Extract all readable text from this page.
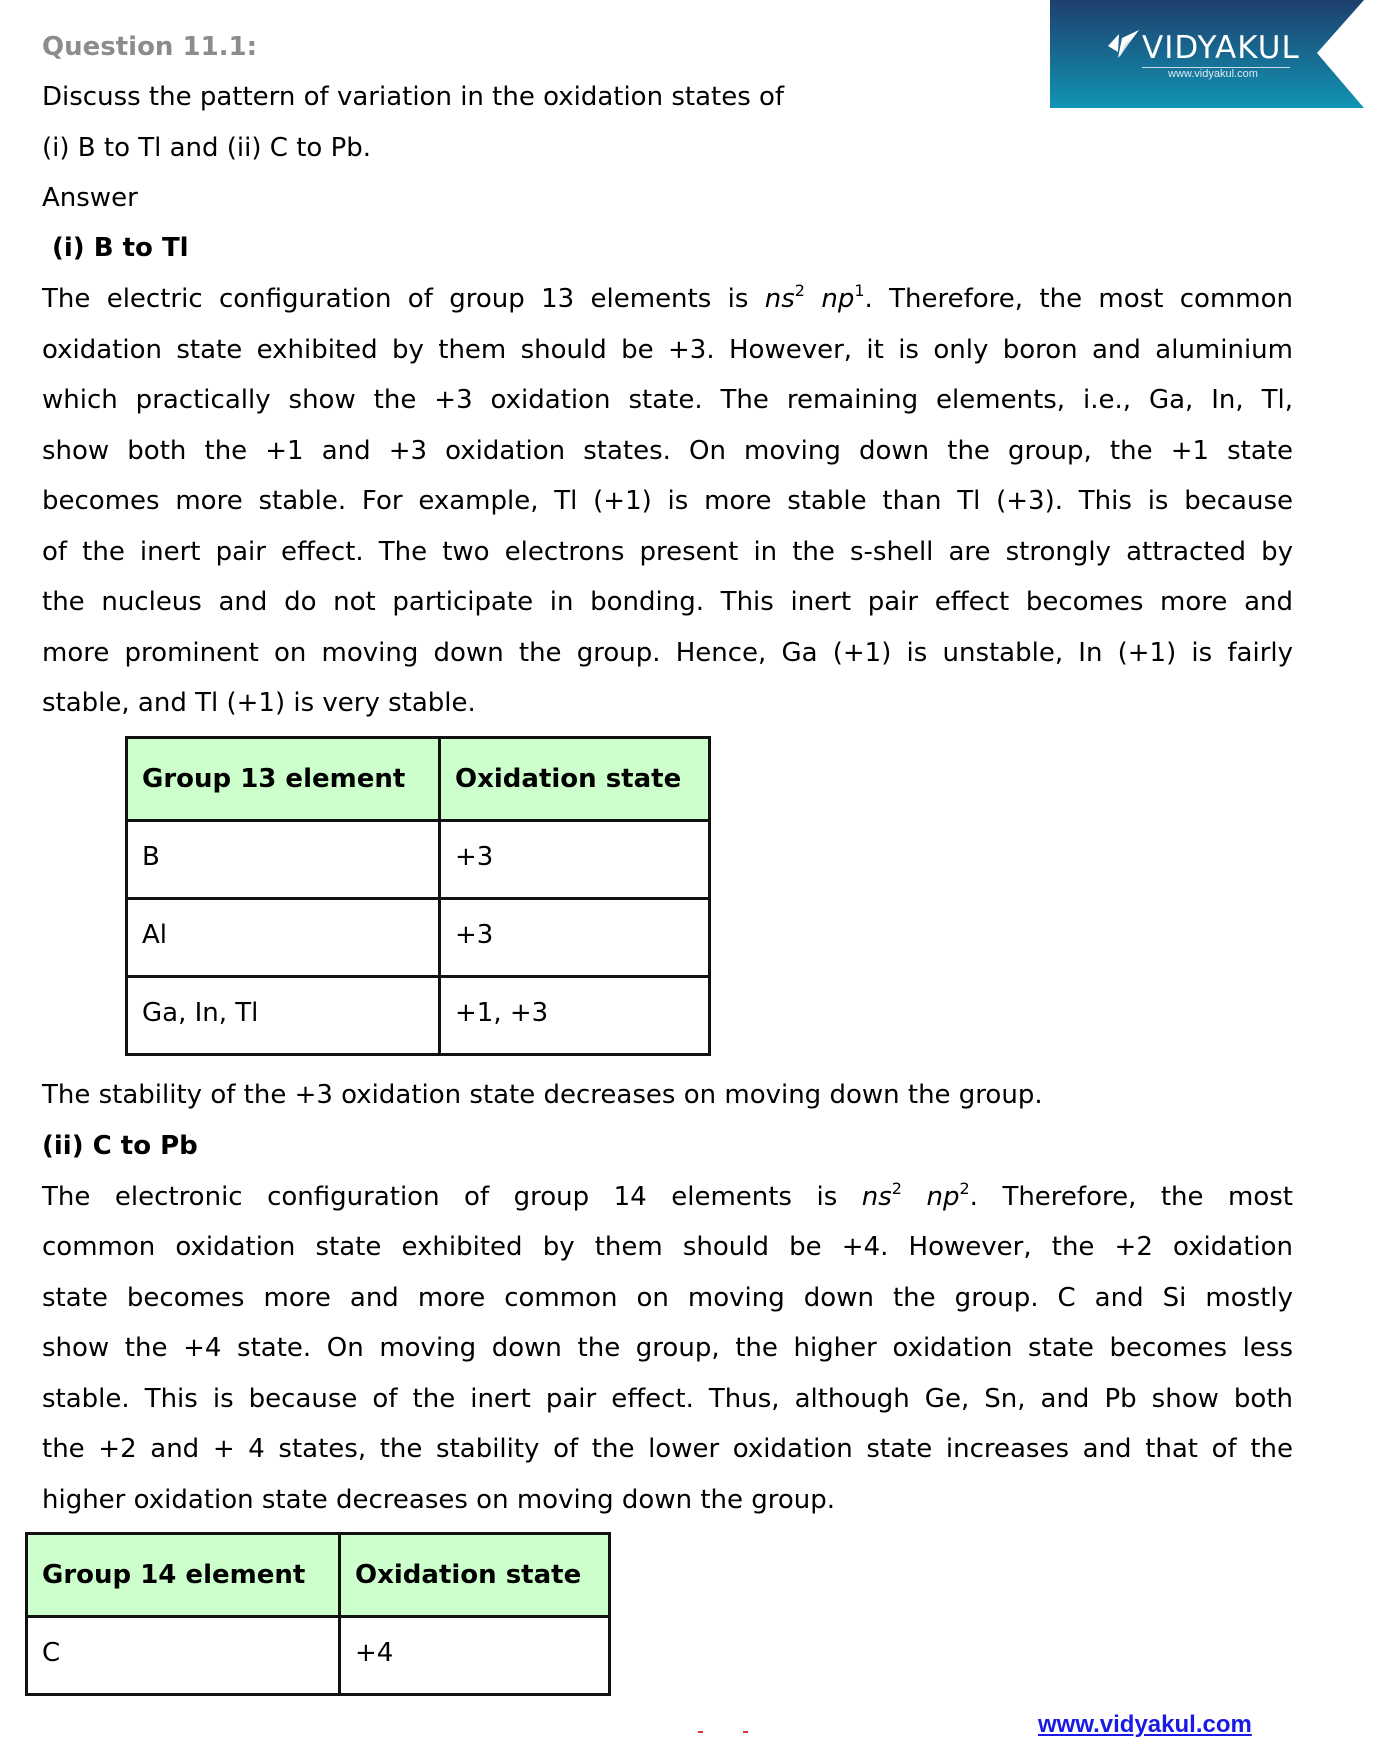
VIDYAKUL
www.vidyakul.com
Question 11.1:
Discuss the pattern of variation in the oxidation states of
(i) B to Tl and (ii) C to Pb.
Answer
(i) B to Tl
The electric configuration of group 13 elements is $ns^2$ $np^1$. Therefore, the most common
oxidation state exhibited by them should be +3. However, it is only boron and aluminium
which practically show the +3 oxidation state. The remaining elements, i.e., Ga, In, Tl,
show both the +1 and +3 oxidation states. On moving down the group, the +1 state
becomes more stable. For example, Tl (+1) is more stable than Tl (+3). This is because
of the inert pair effect. The two electrons present in the s-shell are strongly attracted by
the nucleus and do not participate in bonding. This inert pair effect becomes more and
more prominent on moving down the group. Hence, Ga (+1) is unstable, In (+1) is fairly
stable, and Tl (+1) is very stable.
Group 13 element	Oxidation state
B	+3
Al	+3
Ga, In, Tl	+1, +3
The stability of the +3 oxidation state decreases on moving down the group.
(ii) C to Pb
The electronic configuration of group 14 elements is $ns^2$ $np^2$. Therefore, the most
common oxidation state exhibited by them should be +4. However, the +2 oxidation
state becomes more and more common on moving down the group. C and Si mostly
show the +4 state. On moving down the group, the higher oxidation state becomes less
stable. This is because of the inert pair effect. Thus, although Ge, Sn, and Pb show both
the +2 and + 4 states, the stability of the lower oxidation state increases and that of the
higher oxidation state decreases on moving down the group.
Group 14 element	Oxidation state
C	+4
www.vidyakul.com
